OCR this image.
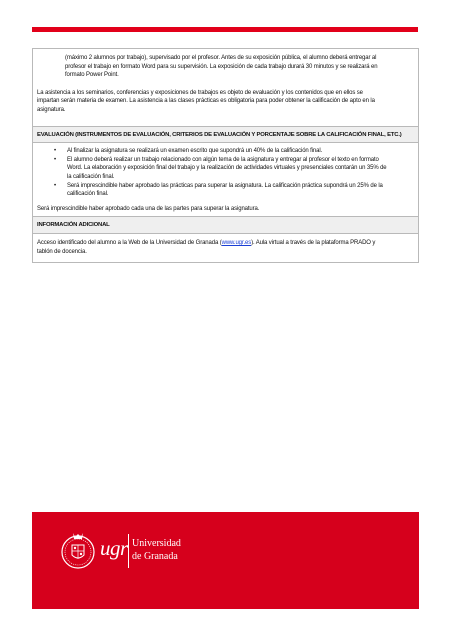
(máximo 2 alumnos por trabajo), supervisado por el profesor. Antes de su exposición pública, el alumno deberá entregar al

profesor el trabajo en formato Word para su supervisión. La exposición de cada trabajo durará 30 minutos y se realizará en

formato Power Point.

La asistencia a los seminarios, conferencias y exposiciones de trabajos es objeto de evaluación y los contenidos que en ellos se

impartan serán materia de examen. La asistencia a las clases prácticas es obligatoria para poder obtener la calificación de apto en la

asignatura.

EVALUACIÓN (INSTRUMENTOS DE EVALUACIÓN, CRITERIOS DE EVALUACIÓN Y PORCENTAJE SOBRE LA CALIFICACIÓN FINAL, ETC.)

• Al finalizar la asignatura se realizará un examen escrito que supondrá un 40% de la calificación final.

• El alumno deberá realizar un trabajo relacionado con algún tema de la asignatura y entregar al profesor el texto en formato

Word. La elaboración y exposición final del trabajo y la realización de actividades virtuales y presenciales contarán un 35% de

la calificación final.

• Será imprescindible haber aprobado las prácticas para superar la asignatura. La calificación práctica supondrá un 25% de la

calificación final.

Será imprescindible haber aprobado cada una de las partes para superar la asignatura.

INFORMACIÓN ADICIONAL

Acceso identificado del alumno a la Web de la Universidad de Granada (www.ugr.es). Aula virtual a través de la plataforma PRADO y

tablón de docencia.

ugr Universidad
de Granada
